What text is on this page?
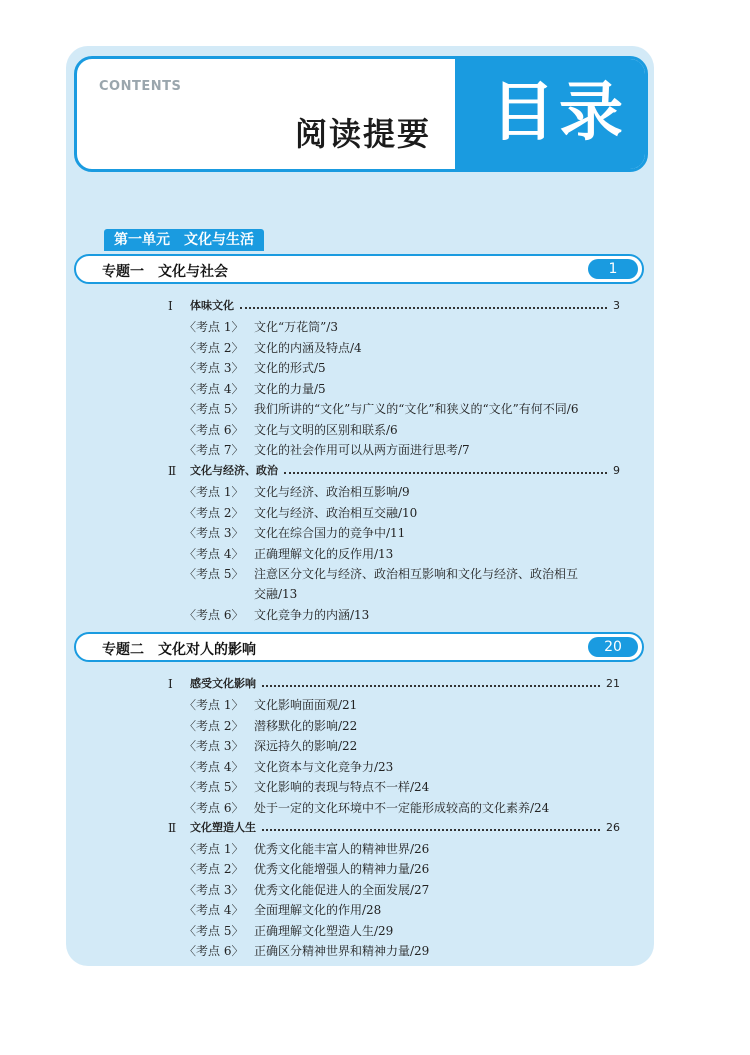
CONTENTS
阅读提要 目录
第一单元　文化与生活
专题一　文化与社会	1
Ⅰ	体味文化	3
〈考点 1〉 文化“万花筒”/3
〈考点 2〉 文化的内涵及特点/4
〈考点 3〉 文化的形式/5
〈考点 4〉 文化的力量/5
〈考点 5〉 我们所讲的“文化”与广义的“文化”和狭义的“文化”有何不同/6
〈考点 6〉 文化与文明的区别和联系/6
〈考点 7〉 文化的社会作用可以从两方面进行思考/7
Ⅱ	文化与经济、政治	9
〈考点 1〉 文化与经济、政治相互影响/9
〈考点 2〉 文化与经济、政治相互交融/10
〈考点 3〉 文化在综合国力的竞争中/11
〈考点 4〉 正确理解文化的反作用/13
〈考点 5〉 注意区分文化与经济、政治相互影响和文化与经济、政治相互
交融/13
〈考点 6〉 文化竞争力的内涵/13
专题二　文化对人的影响	20
Ⅰ	感受文化影响	21
〈考点 1〉 文化影响面面观/21
〈考点 2〉 潜移默化的影响/22
〈考点 3〉 深远持久的影响/22
〈考点 4〉 文化资本与文化竞争力/23
〈考点 5〉 文化影响的表现与特点不一样/24
〈考点 6〉 处于一定的文化环境中不一定能形成较高的文化素养/24
Ⅱ	文化塑造人生	26
〈考点 1〉 优秀文化能丰富人的精神世界/26
〈考点 2〉 优秀文化能增强人的精神力量/26
〈考点 3〉 优秀文化能促进人的全面发展/27
〈考点 4〉 全面理解文化的作用/28
〈考点 5〉 正确理解文化塑造人生/29
〈考点 6〉 正确区分精神世界和精神力量/29
